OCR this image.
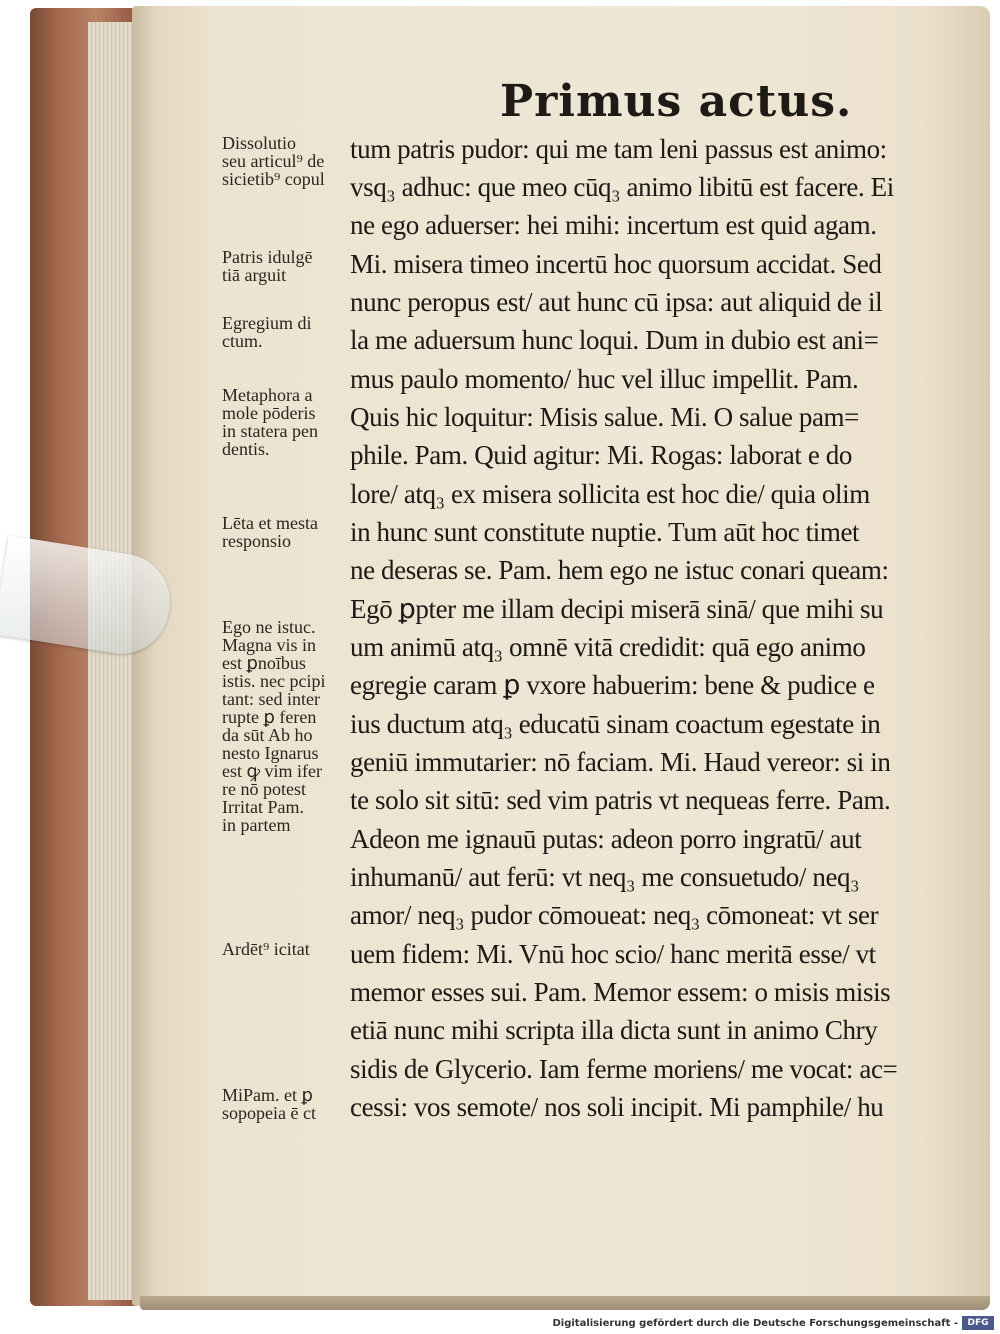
Primus actus.
Dissolutio
seu articul⁹ de
sicietib⁹ copul
Patris idulgē
tiā arguit
Egregium di
ctum.
Metaphora a
mole pōderis
in statera pen
dentis.
Lēta et mesta
responsio
Ego ne istuc.
Magna vis in
est ꝑnoībus
istis. nec pcipi
tant: sed inter
rupte ꝑ feren
da sūt Ab ho
nesto Ignarus
est ꝙ vim ifer
re nō potest
Irritat Pam.
in partem
Ardēt⁹ icitat
MiPam. et ꝑ
sopopeia ē ct
tum patris pudor: qui me tam leni passus est animo:
vsq₃ adhuc: que meo cūq₃ animo libitū est facere. Ei
ne ego aduerser: hei mihi: incertum est quid agam.
Mi. misera timeo incertū hoc quorsum accidat. Sed
nunc peropus est/ aut hunc cū ipsa: aut aliquid de il
la me aduersum hunc loqui. Dum in dubio est ani=
mus paulo momento/ huc vel illuc impellit. Pam.
Quis hic loquitur: Misis salue. Mi. O salue pam=
phile. Pam. Quid agitur: Mi. Rogas: laborat e do
lore/ atq₃ ex misera sollicita est hoc die/ quia olim
in hunc sunt constitute nuptie. Tum aūt hoc timet
ne deseras se. Pam. hem ego ne istuc conari queam:
Egō ꝑpter me illam decipi miserā sinā/ que mihi su
um animū atq₃ omnē vitā credidit: quā ego animo
egregie caram ꝑ vxore habuerim: bene & pudice e
ius ductum atq₃ educatū sinam coactum egestate in
geniū immutarier: nō faciam. Mi. Haud vereor: si in
te solo sit sitū: sed vim patris vt nequeas ferre. Pam.
Adeon me ignauū putas: adeon porro ingratū/ aut
inhumanū/ aut ferū: vt neq₃ me consuetudo/ neq₃
amor/ neq₃ pudor cōmoueat: neq₃ cōmoneat: vt ser
uem fidem: Mi. Vnū hoc scio/ hanc meritā esse/ vt
memor esses sui. Pam. Memor essem: o misis misis
etiā nunc mihi scripta illa dicta sunt in animo Chry
sidis de Glycerio. Iam ferme moriens/ me vocat: ac=
cessi: vos semote/ nos soli incipit. Mi pamphile/ hu
Digitalisierung gefördert durch die Deutsche Forschungsgemeinschaft -	DFG
